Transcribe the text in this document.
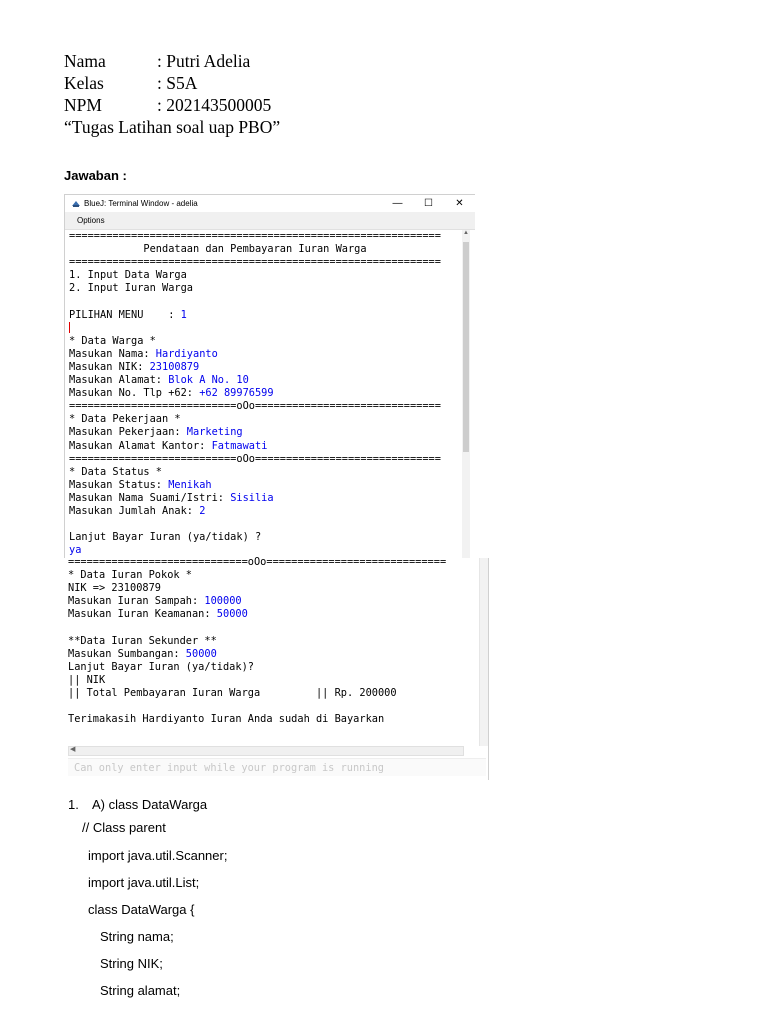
Nama	: Putri Adelia
Kelas	: S5A
NPM	: 202143500005
“Tugas Latihan soal uap PBO”
Jawaban :
BlueJ: Terminal Window - adelia	—	☐	✕
Options
============================================================
Pendataan dan Pembayaran Iuran Warga
============================================================
1. Input Data Warga
2. Input Iuran Warga
PILIHAN MENU    : 1
* Data Warga *
Masukan Nama: Hardiyanto
Masukan NIK: 23100879
Masukan Alamat: Blok A No. 10
Masukan No. Tlp +62: +62 89976599
===========================oOo==============================
* Data Pekerjaan *
Masukan Pekerjaan: Marketing
Masukan Alamat Kantor: Fatmawati
===========================oOo==============================
* Data Status *
Masukan Status: Menikah
Masukan Nama Suami/Istri: Sisilia
Masukan Jumlah Anak: 2
Lanjut Bayar Iuran (ya/tidak) ?
ya
▲
=============================oOo=============================
* Data Iuran Pokok *
NIK => 23100879
Masukan Iuran Sampah: 100000
Masukan Iuran Keamanan: 50000
**Data Iuran Sekunder **
Masukan Sumbangan: 50000
Lanjut Bayar Iuran (ya/tidak)?
|| NIK
|| Total Pembayaran Iuran Warga         || Rp. 200000
Terimakasih Hardiyanto Iuran Anda sudah di Bayarkan
◀
Can only enter input while your program is running
1.	A) class DataWarga
// Class parent
import java.util.Scanner;
import java.util.List;
class DataWarga {
String nama;
String NIK;
String alamat;
